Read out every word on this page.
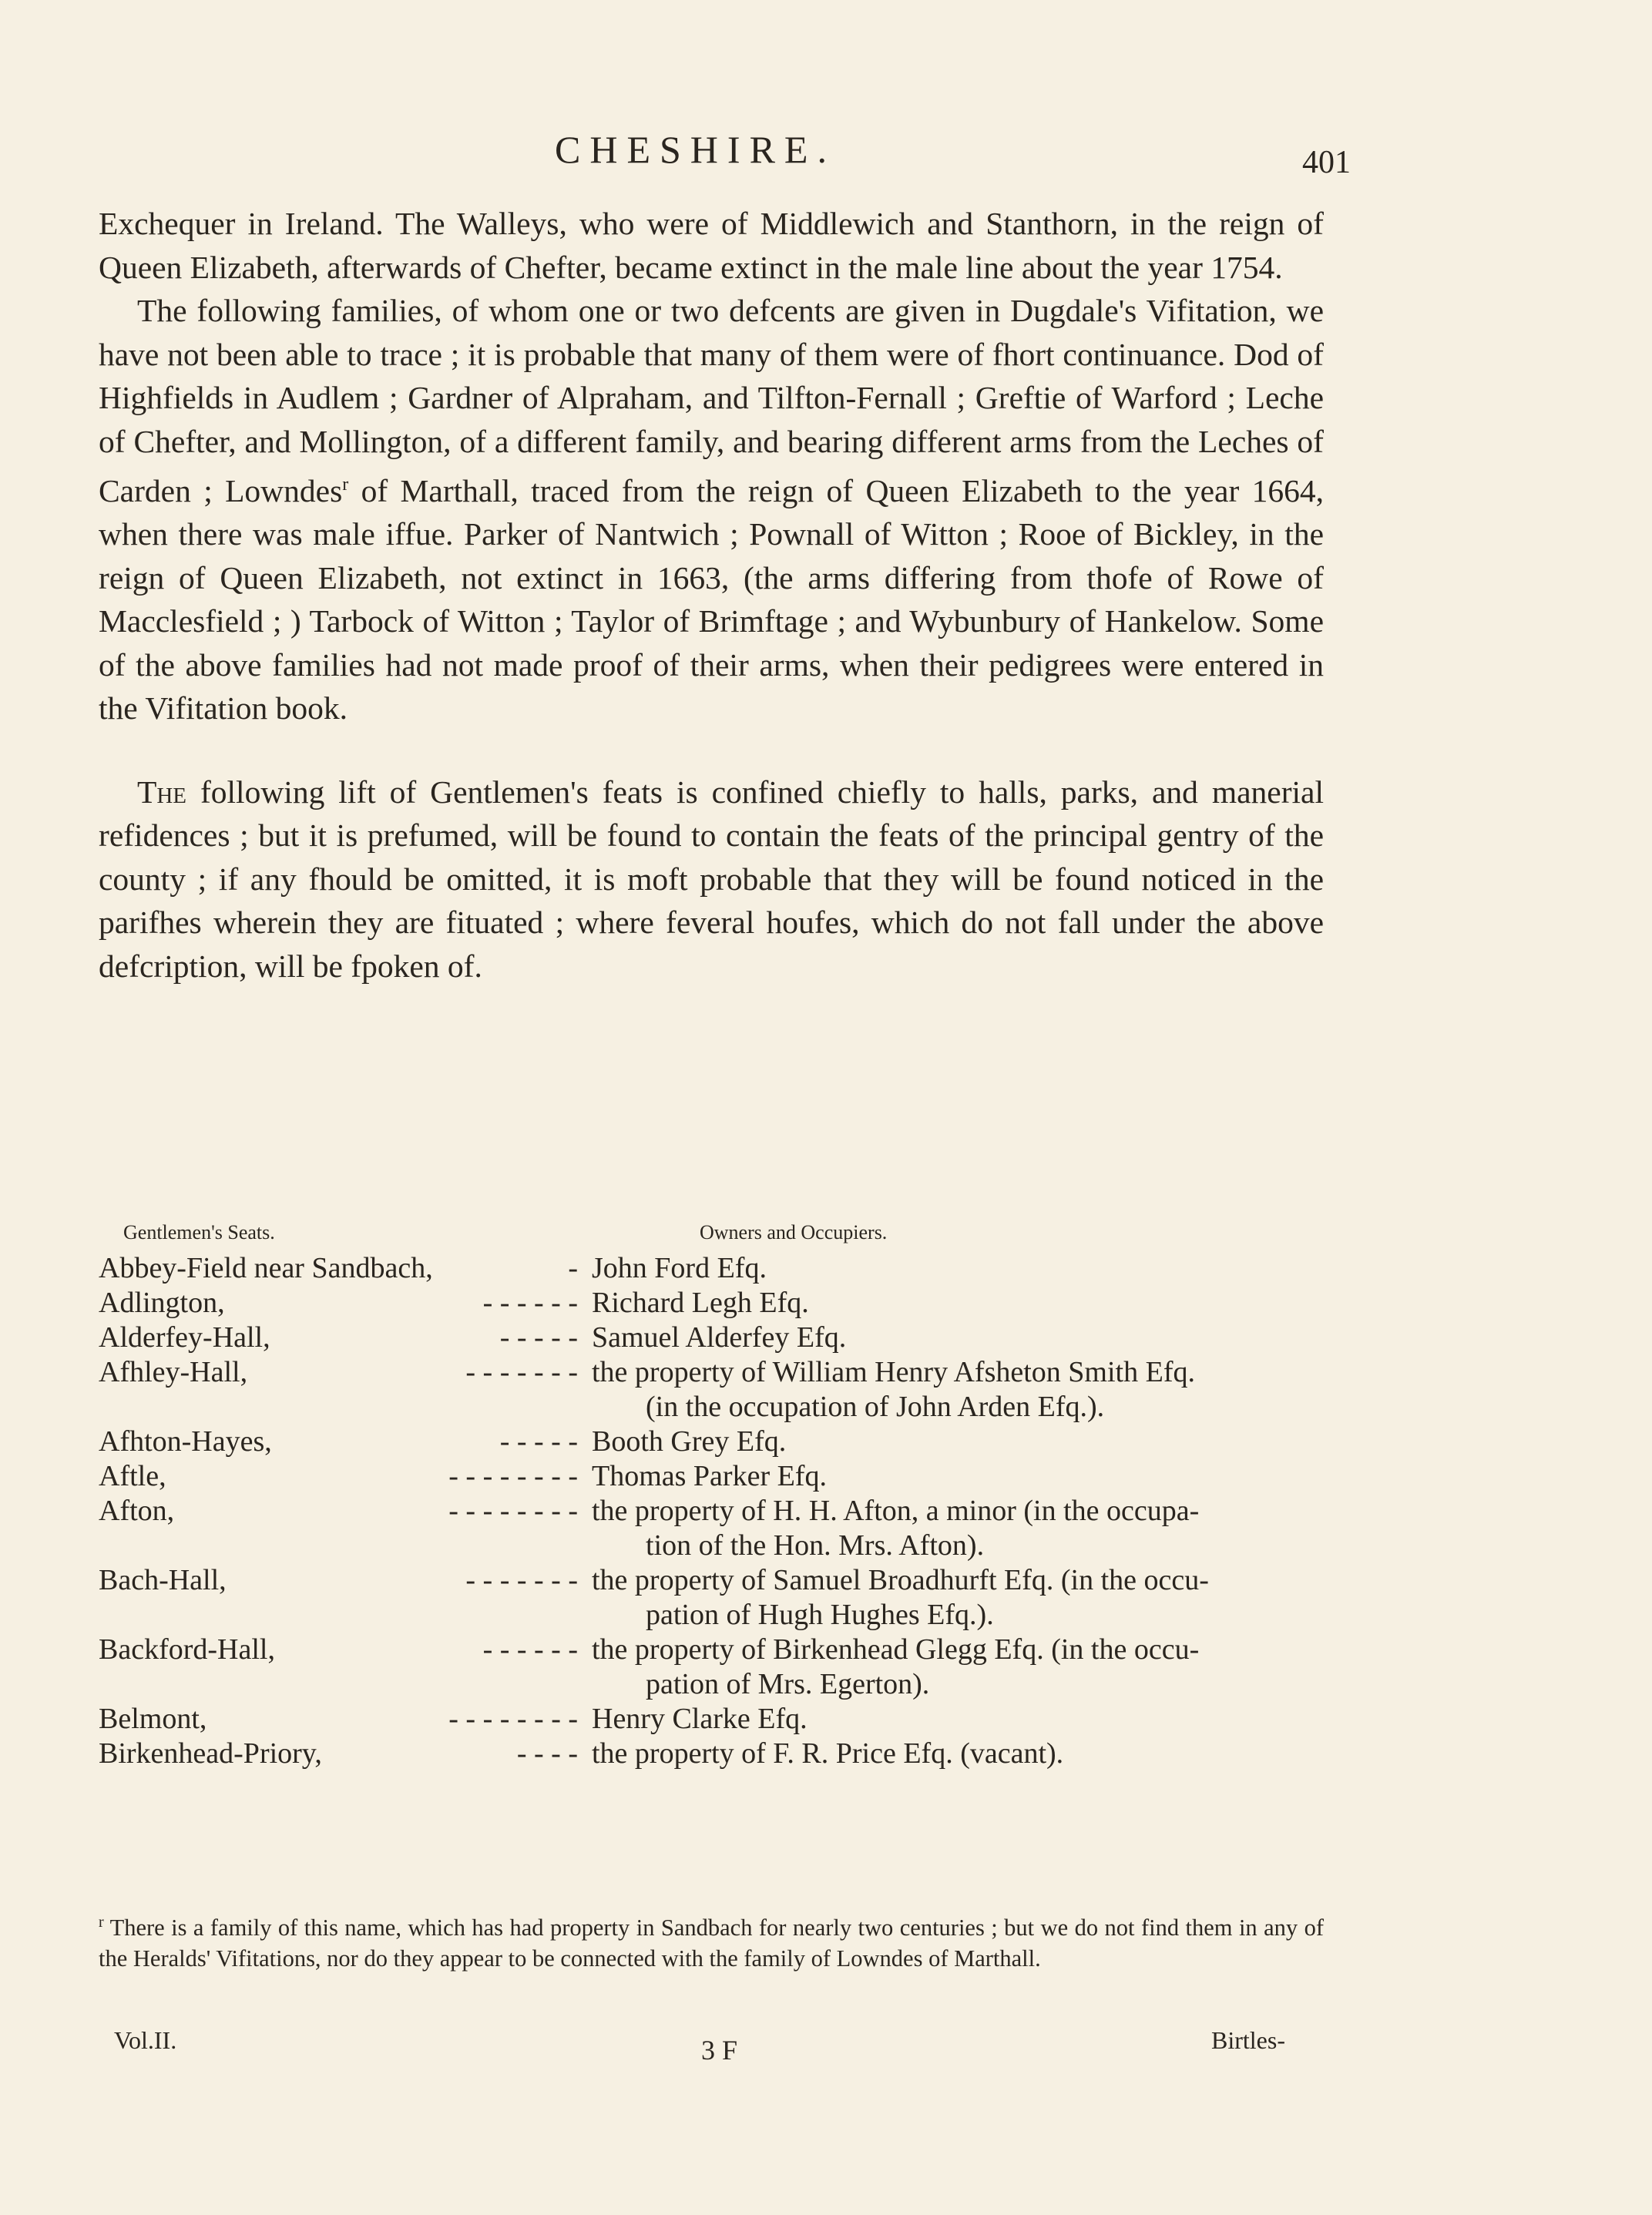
CHESHIRE.	401

Exchequer in Ireland. The Walleys, who were of Middlewich and Stanthorn, in the reign of Queen Elizabeth, afterwards of Chefter, became extinct in the male line about the year 1754.

The following families, of whom one or two defcents are given in Dugdale's Vifitation, we have not been able to trace ; it is probable that many of them were of fhort continuance. Dod of Highfields in Audlem ; Gardner of Alpraham, and Tilfton-Fernall ; Greftie of Warford ; Leche of Chefter, and Mollington, of a different family, and bearing different arms from the Leches of Carden ; Lowndes$^r$ of Marthall, traced from the reign of Queen Elizabeth to the year 1664, when there was male iffue. Parker of Nantwich ; Pownall of Witton ; Rooe of Bickley, in the reign of Queen Elizabeth, not extinct in 1663, (the arms differing from thofe of Rowe of Macclesfield ; ) Tarbock of Witton ; Taylor of Brimftage ; and Wybunbury of Hankelow. Some of the above families had not made proof of their arms, when their pedigrees were entered in the Vifitation book.

The following lift of Gentlemen's feats is confined chiefly to halls, parks, and manerial refidences ; but it is prefumed, will be found to contain the feats of the principal gentry of the county ; if any fhould be omitted, it is moft probable that they will be found noticed in the parifhes wherein they are fituated ; where feveral houfes, which do not fall under the above defcription, will be fpoken of.

Gentlemen's Seats.	Owners and Occupiers.
Abbey-Field near Sandbach,	- John Ford Efq.
Adlington,	- - - - - - Richard Legh Efq.
Alderfey-Hall,	- - - - - Samuel Alderfey Efq.
Afhley-Hall,	- - - - - - - the property of William Henry Afsheton Smith Efq.
(in the occupation of John Arden Efq.).
Afhton-Hayes,	- - - - - Booth Grey Efq.
Aftle,	- - - - - - - - Thomas Parker Efq.
Afton,	- - - - - - - - the property of H. H. Afton, a minor (in the occupa-
tion of the Hon. Mrs. Afton).
Bach-Hall,	- - - - - - - the property of Samuel Broadhurft Efq. (in the occu-
pation of Hugh Hughes Efq.).
Backford-Hall,	- - - - - - the property of Birkenhead Glegg Efq. (in the occu-
pation of Mrs. Egerton).
Belmont,	- - - - - - - - Henry Clarke Efq.
Birkenhead-Priory,	- - - - the property of F. R. Price Efq. (vacant).
$^r$ There is a family of this name, which has had property in Sandbach for nearly two centuries ; but we do not find them in any of the Heralds' Vifitations, nor do they appear to be connected with the family of Lowndes of Marthall.
Vol.II.	3 F	Birtles-
